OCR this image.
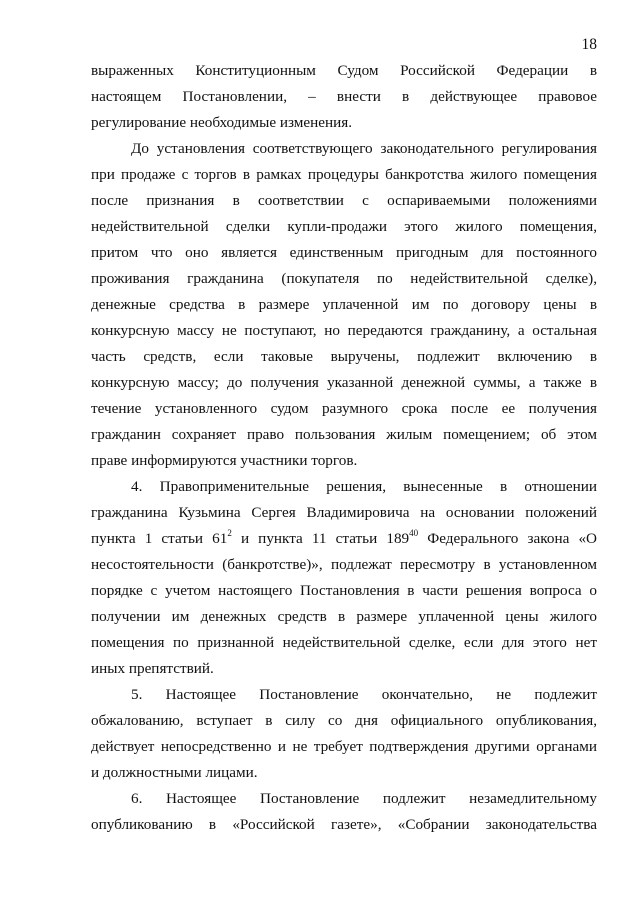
18
выраженных Конституционным Судом Российской Федерации в
настоящем Постановлении, – внести в действующее правовое
регулирование необходимые изменения.
До установления соответствующего законодательного регулирования
при продаже с торгов в рамках процедуры банкротства жилого помещения
после признания в соответствии с оспариваемыми положениями
недействительной сделки купли-продажи этого жилого помещения,
притом что оно является единственным пригодным для постоянного
проживания гражданина (покупателя по недействительной сделке),
денежные средства в размере уплаченной им по договору цены в
конкурсную массу не поступают, но передаются гражданину, а остальная
часть средств, если таковые выручены, подлежит включению в
конкурсную массу; до получения указанной денежной суммы, а также в
течение установленного судом разумного срока после ее получения
гражданин сохраняет право пользования жилым помещением; об этом
праве информируются участники торгов.
4. Правоприменительные решения, вынесенные в отношении
гражданина Кузьмина Сергея Владимировича на основании положений
пункта 1 статьи $61^2$ и пункта 11 статьи $189^{40}$ Федерального закона «О
несостоятельности (банкротстве)», подлежат пересмотру в установленном
порядке с учетом настоящего Постановления в части решения вопроса о
получении им денежных средств в размере уплаченной цены жилого
помещения по признанной недействительной сделке, если для этого нет
иных препятствий.
5. Настоящее Постановление окончательно, не подлежит
обжалованию, вступает в силу со дня официального опубликования,
действует непосредственно и не требует подтверждения другими органами
и должностными лицами.
6. Настоящее Постановление подлежит незамедлительному
опубликованию в «Российской газете», «Собрании законодательства
